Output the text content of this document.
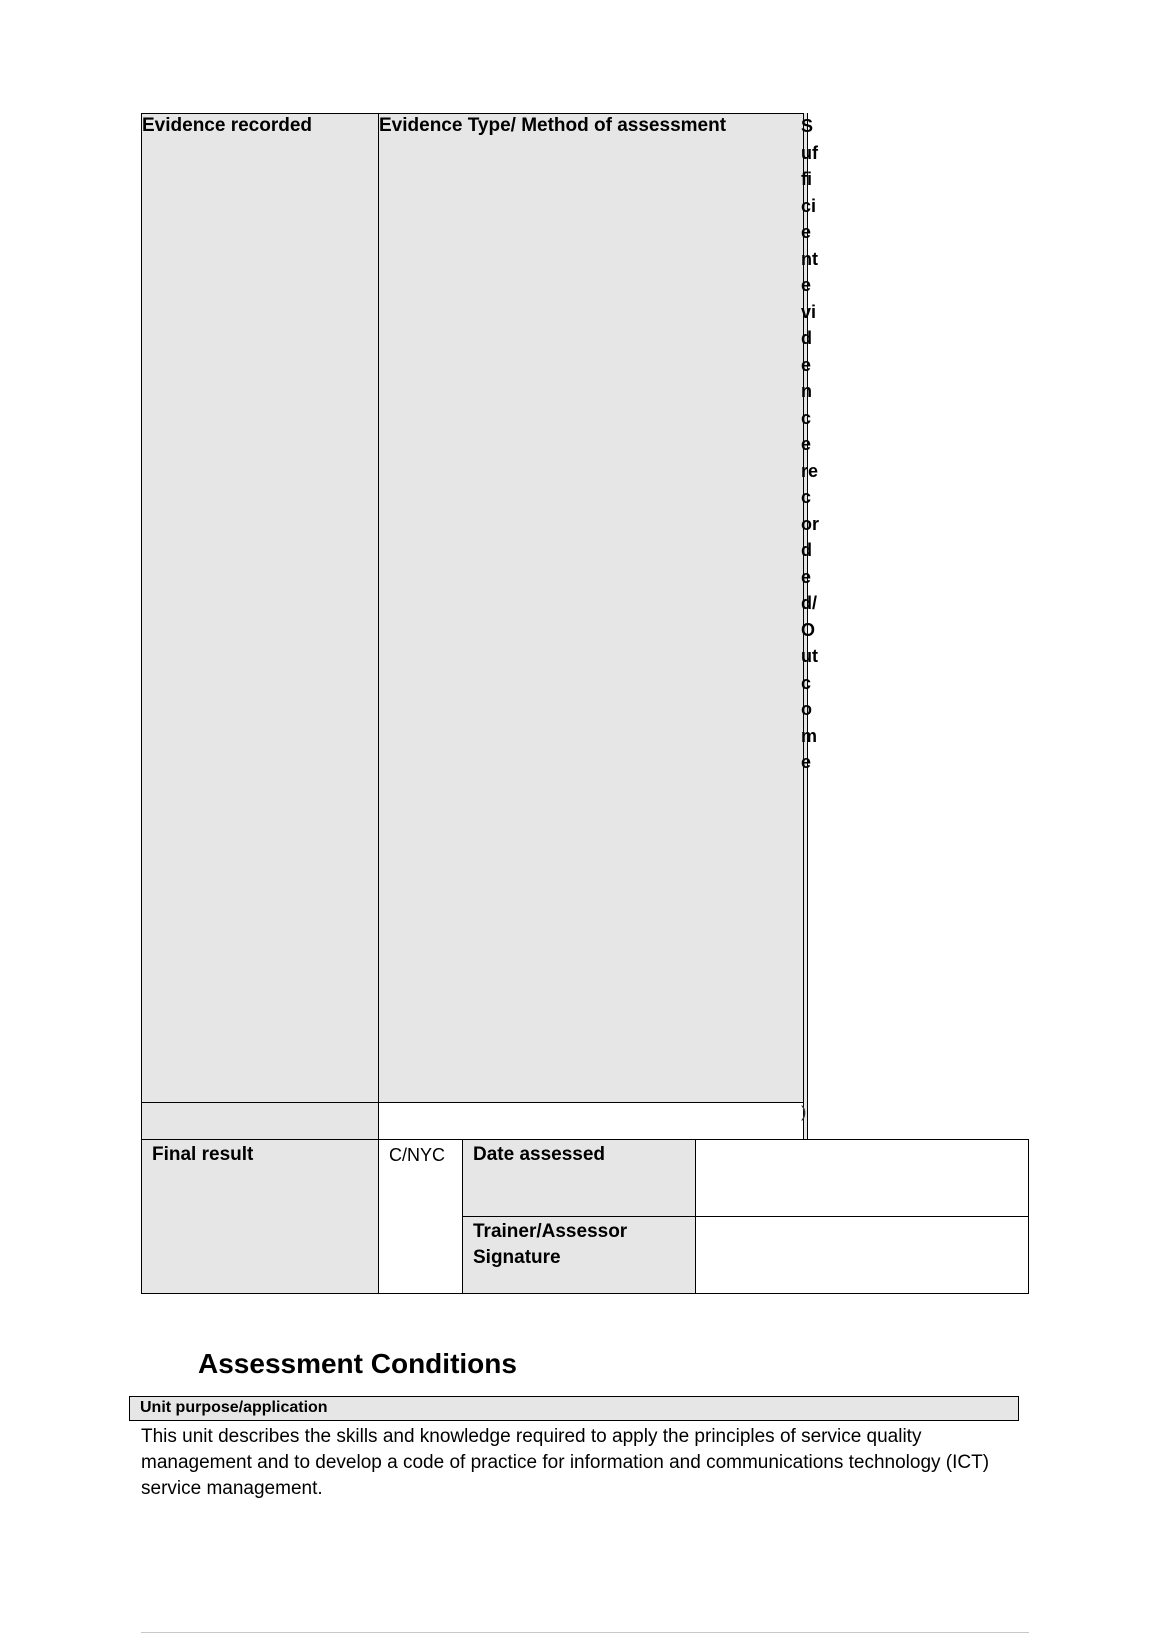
Evidence recorded	Evidence Type/ Method of assessment	Sufficient evidence recorded/Outcome
)
Final result	C/NYC	Date assessed
Trainer/Assessor Signature
Assessment Conditions
Unit purpose/application
This unit describes the skills and knowledge required to apply the principles of service quality management and to develop a code of practice for information and communications technology (ICT) service management.
